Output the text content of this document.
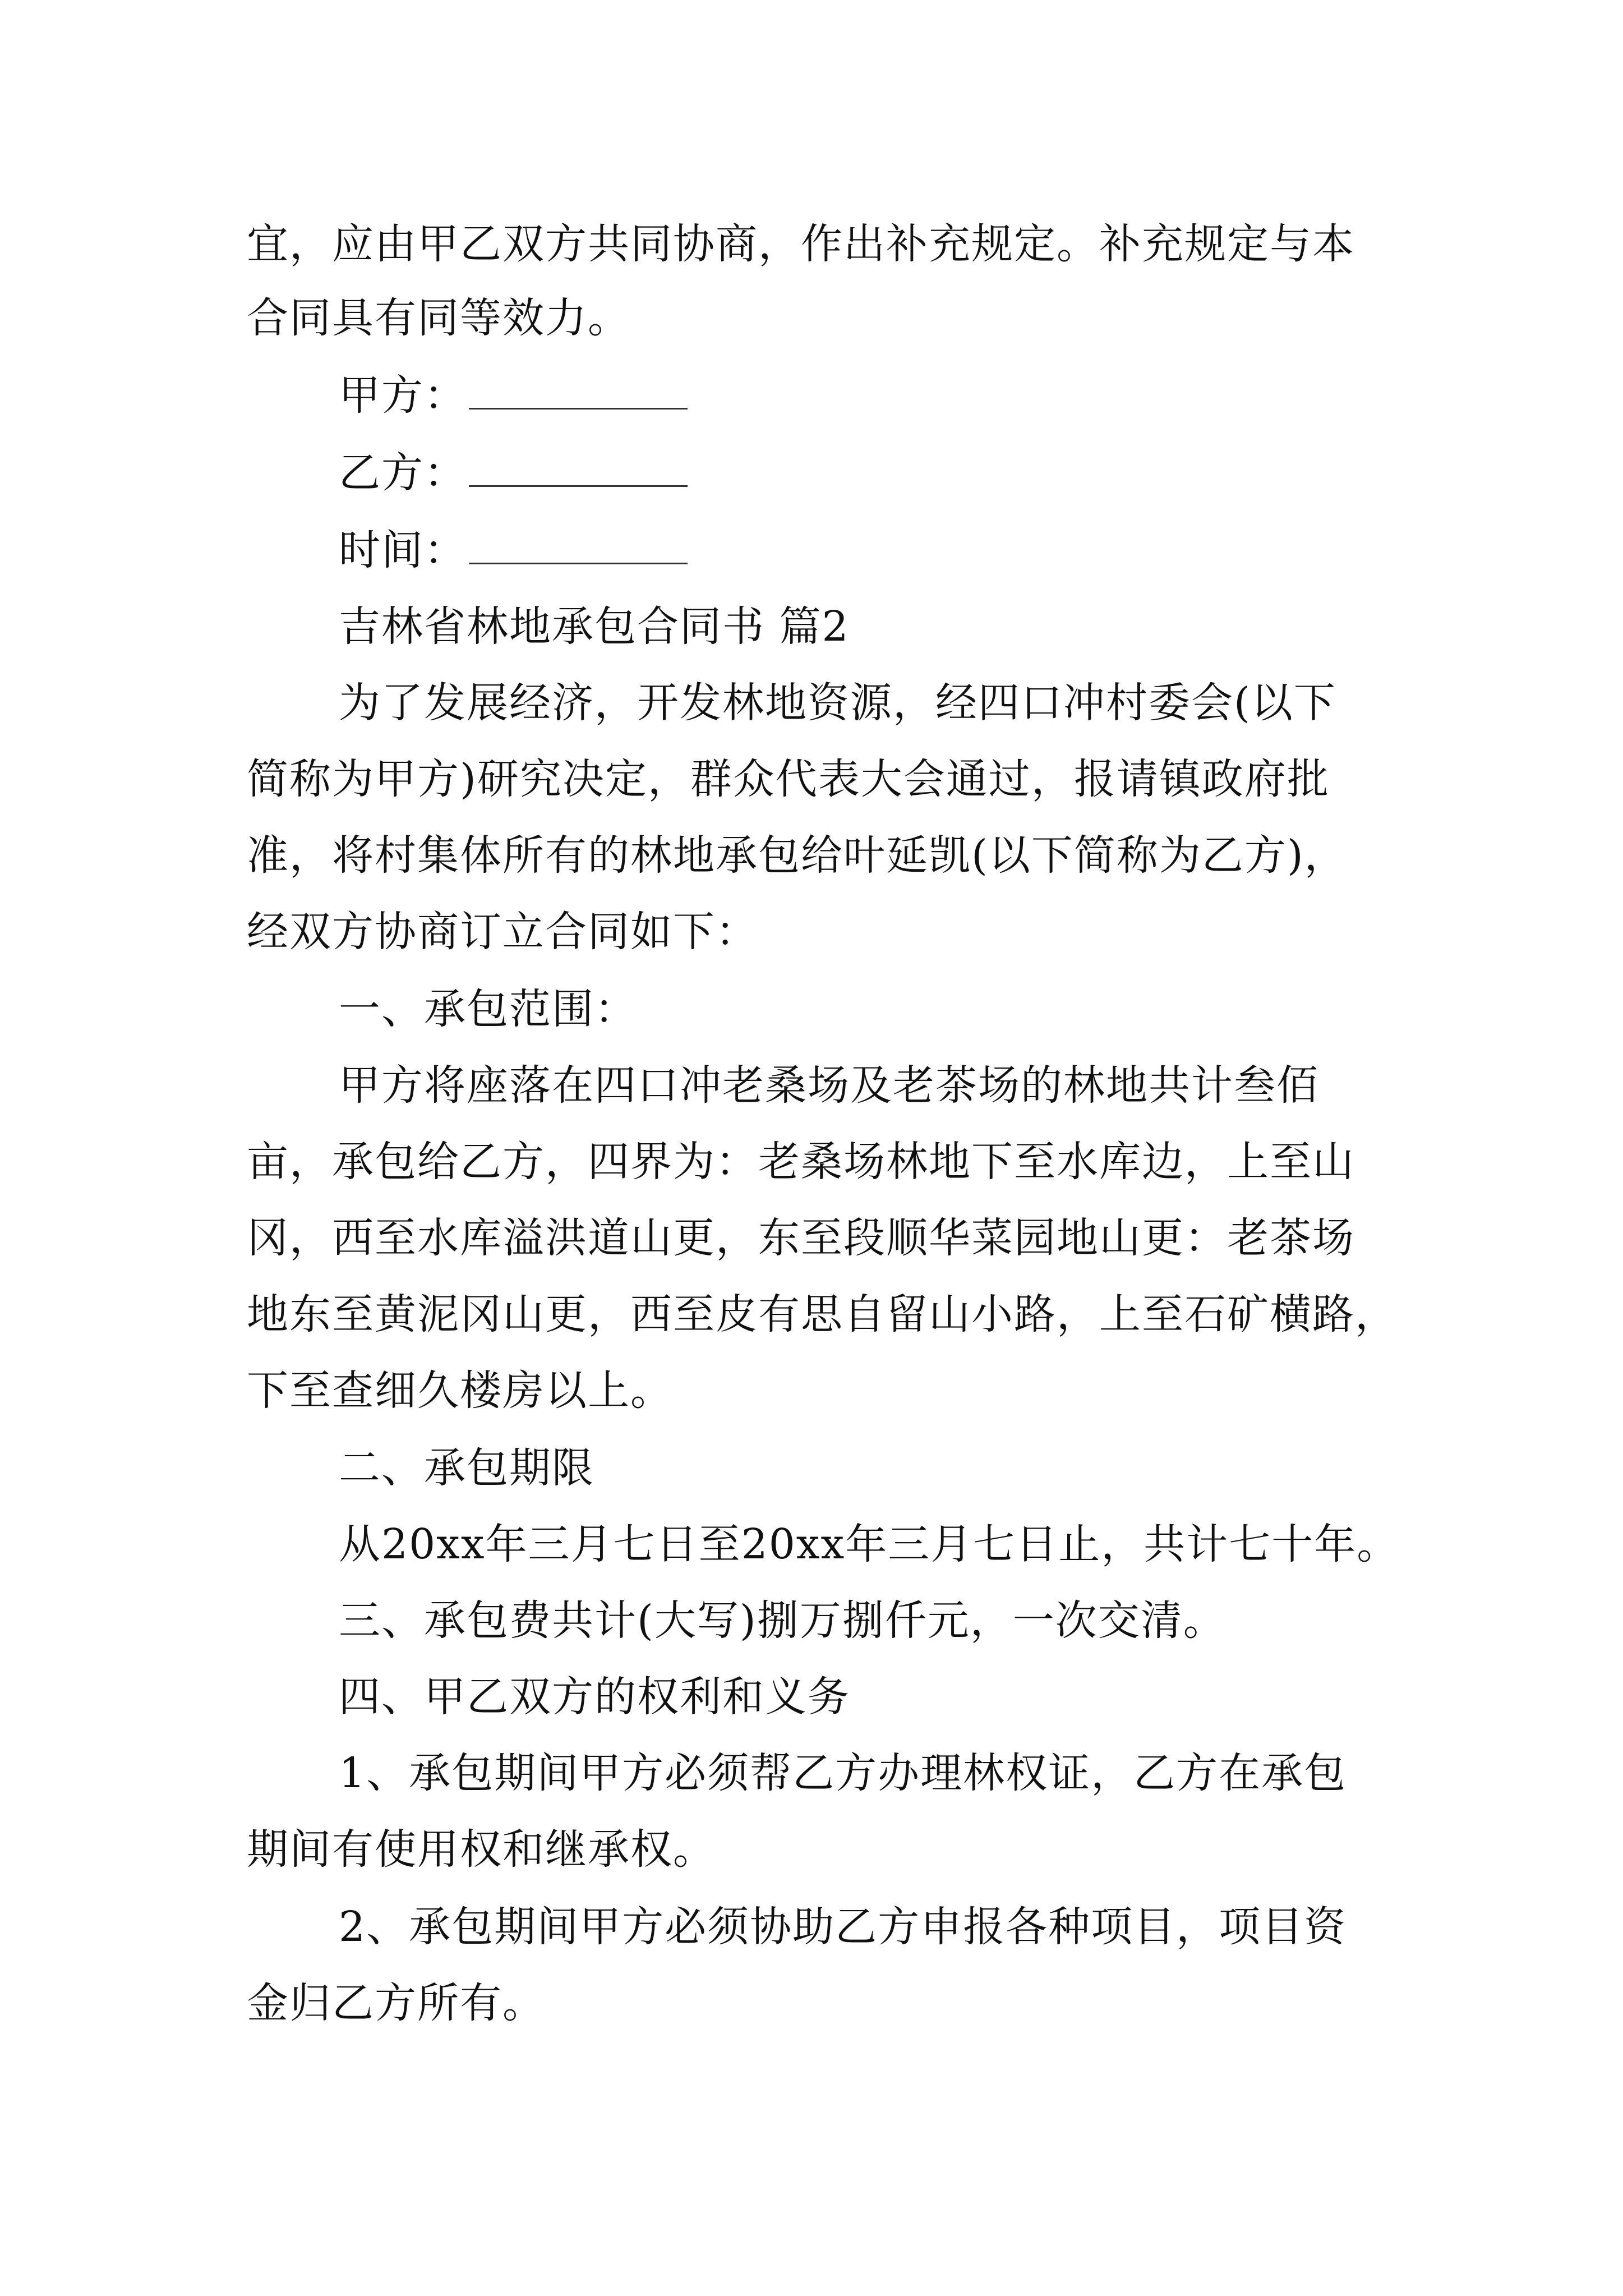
宜，应由甲乙双方共同协商，作出补充规定。补充规定与本
合同具有同等效力。
甲方：
乙方：
时间：
吉林省林地承包合同书 篇2
为了发展经济，开发林地资源，经四口冲村委会(以下
简称为甲方)研究决定，群众代表大会通过，报请镇政府批
准，将村集体所有的林地承包给叶延凯(以下简称为乙方)，
经双方协商订立合同如下：
一、承包范围：
甲方将座落在四口冲老桑场及老茶场的林地共计叁佰
亩，承包给乙方，四界为：老桑场林地下至水库边，上至山
冈，西至水库溢洪道山更，东至段顺华菜园地山更：老茶场
地东至黄泥冈山更，西至皮有思自留山小路，上至石矿横路，
下至查细久楼房以上。
二、承包期限
从20xx年三月七日至20xx年三月七日止，共计七十年。
三、承包费共计(大写)捌万捌仟元，一次交清。
四、甲乙双方的权利和义务
1、承包期间甲方必须帮乙方办理林权证，乙方在承包
期间有使用权和继承权。
2、承包期间甲方必须协助乙方申报各种项目，项目资
金归乙方所有。
